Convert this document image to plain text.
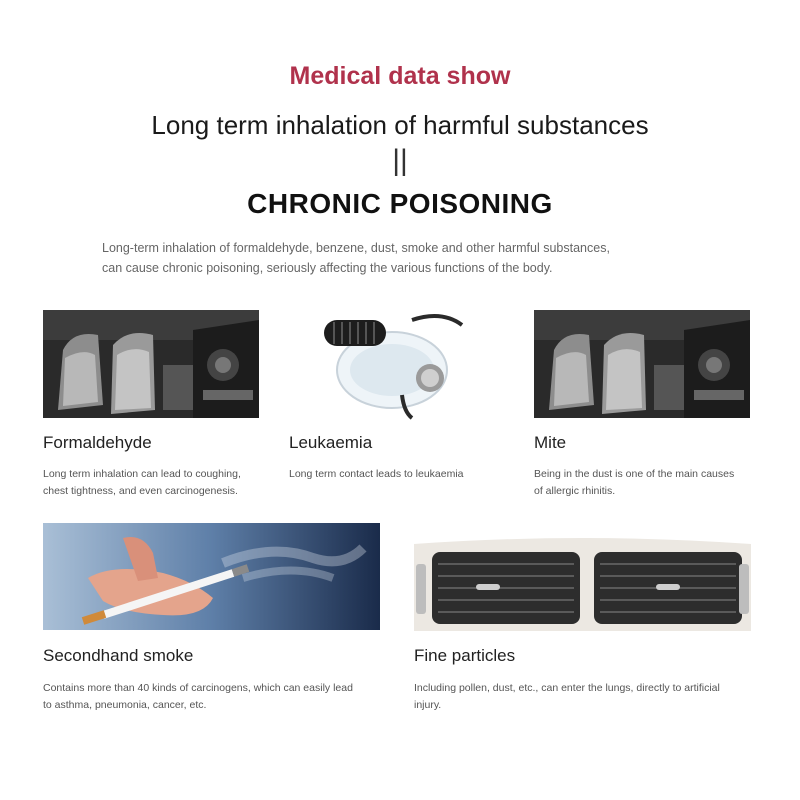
Medical data show
Long term inhalation of harmful substances
||
CHRONIC POISONING
Long-term inhalation of formaldehyde, benzene, dust, smoke and other harmful substances,
can cause chronic poisoning, seriously affecting the various functions of the body.
Formaldehyde
Long term inhalation can lead to coughing,
chest tightness, and even carcinogenesis.
Leukaemia
Long term contact leads to leukaemia
Mite
Being in the dust is one of the main causes
of allergic rhinitis.
Secondhand smoke
Contains more than 40 kinds of carcinogens, which can easily lead
to asthma, pneumonia, cancer, etc.
Fine particles
Including pollen, dust, etc., can enter the lungs, directly to artificial
injury.
